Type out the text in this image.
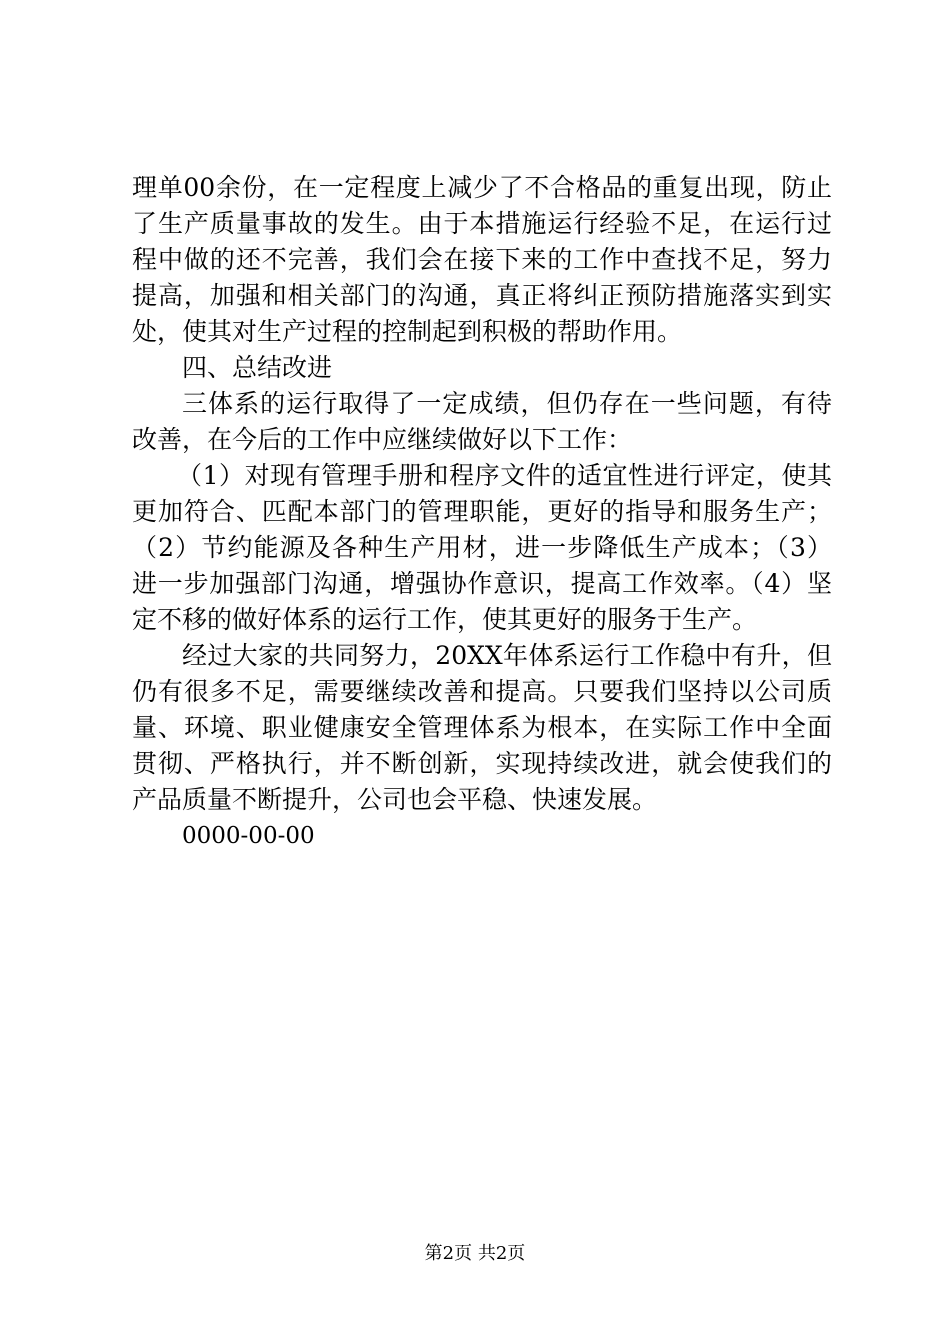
理单00余份，在一定程度上减少了不合格品的重复出现，防止
了生产质量事故的发生。由于本措施运行经验不足，在运行过
程中做的还不完善，我们会在接下来的工作中查找不足，努力
提高，加强和相关部门的沟通，真正将纠正预防措施落实到实
处，使其对生产过程的控制起到积极的帮助作用。
四、总结改进
三体系的运行取得了一定成绩，但仍存在一些问题，有待
改善，在今后的工作中应继续做好以下工作：
（1）对现有管理手册和程序文件的适宜性进行评定，使其
更加符合、匹配本部门的管理职能，更好的指导和服务生产；
（2）节约能源及各种生产用材，进一步降低生产成本；（3）
进一步加强部门沟通，增强协作意识，提高工作效率。（4）坚
定不移的做好体系的运行工作，使其更好的服务于生产。
经过大家的共同努力，20XX年体系运行工作稳中有升，但
仍有很多不足，需要继续改善和提高。只要我们坚持以公司质
量、环境、职业健康安全管理体系为根本，在实际工作中全面
贯彻、严格执行，并不断创新，实现持续改进，就会使我们的
产品质量不断提升，公司也会平稳、快速发展。
0000-00-00
第2页 共2页
